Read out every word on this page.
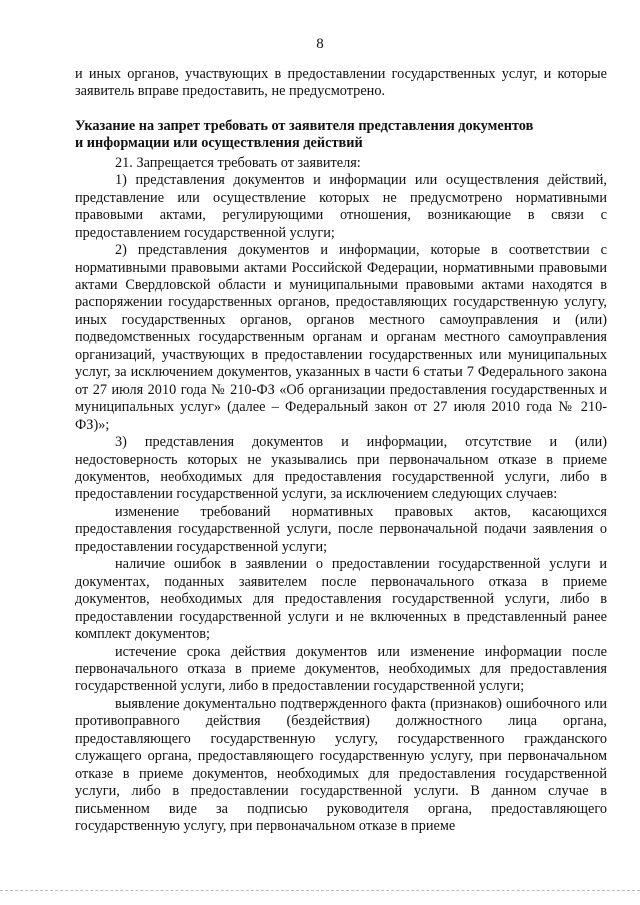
8

и иных органов, участвующих в предоставлении государственных услуг, и которые заявитель вправе предоставить, не предусмотрено.

Указание на запрет требовать от заявителя представления документов

и информации или осуществления действий

21. Запрещается требовать от заявителя:

1) представления документов и информации или осуществления действий, представление или осуществление которых не предусмотрено нормативными правовыми актами, регулирующими отношения, возникающие в связи с предоставлением государственной услуги;

2) представления документов и информации, которые в соответствии с нормативными правовыми актами Российской Федерации, нормативными правовыми актами Свердловской области и муниципальными правовыми актами находятся в распоряжении государственных органов, предоставляющих государственную услугу, иных государственных органов, органов местного самоуправления и (или) подведомственных государственным органам и органам местного самоуправления организаций, участвующих в предоставлении государственных или муниципальных услуг, за исключением документов, указанных в части 6 статьи 7 Федерального закона от 27 июля 2010 года № 210-ФЗ «Об организации предоставления государственных и муниципальных услуг» (далее – Федеральный закон от 27 июля 2010 года № 210-ФЗ)»;

3) представления документов и информации, отсутствие и (или) недостоверность которых не указывались при первоначальном отказе в приеме документов, необходимых для предоставления государственной услуги, либо в предоставлении государственной услуги, за исключением следующих случаев:

изменение требований нормативных правовых актов, касающихся предоставления государственной услуги, после первоначальной подачи заявления о предоставлении государственной услуги;

наличие ошибок в заявлении о предоставлении государственной услуги и документах, поданных заявителем после первоначального отказа в приеме документов, необходимых для предоставления государственной услуги, либо в предоставлении государственной услуги и не включенных в представленный ранее комплект документов;

истечение срока действия документов или изменение информации после первоначального отказа в приеме документов, необходимых для предоставления государственной услуги, либо в предоставлении государственной услуги;

выявление документально подтвержденного факта (признаков) ошибочного или противоправного действия (бездействия) должностного лица органа, предоставляющего государственную услугу, государственного гражданского служащего органа, предоставляющего государственную услугу, при первоначальном отказе в приеме документов, необходимых для предоставления государственной услуги, либо в предоставлении государственной услуги. В данном случае в письменном виде за подписью руководителя органа, предоставляющего государственную услугу, при первоначальном отказе в приеме
